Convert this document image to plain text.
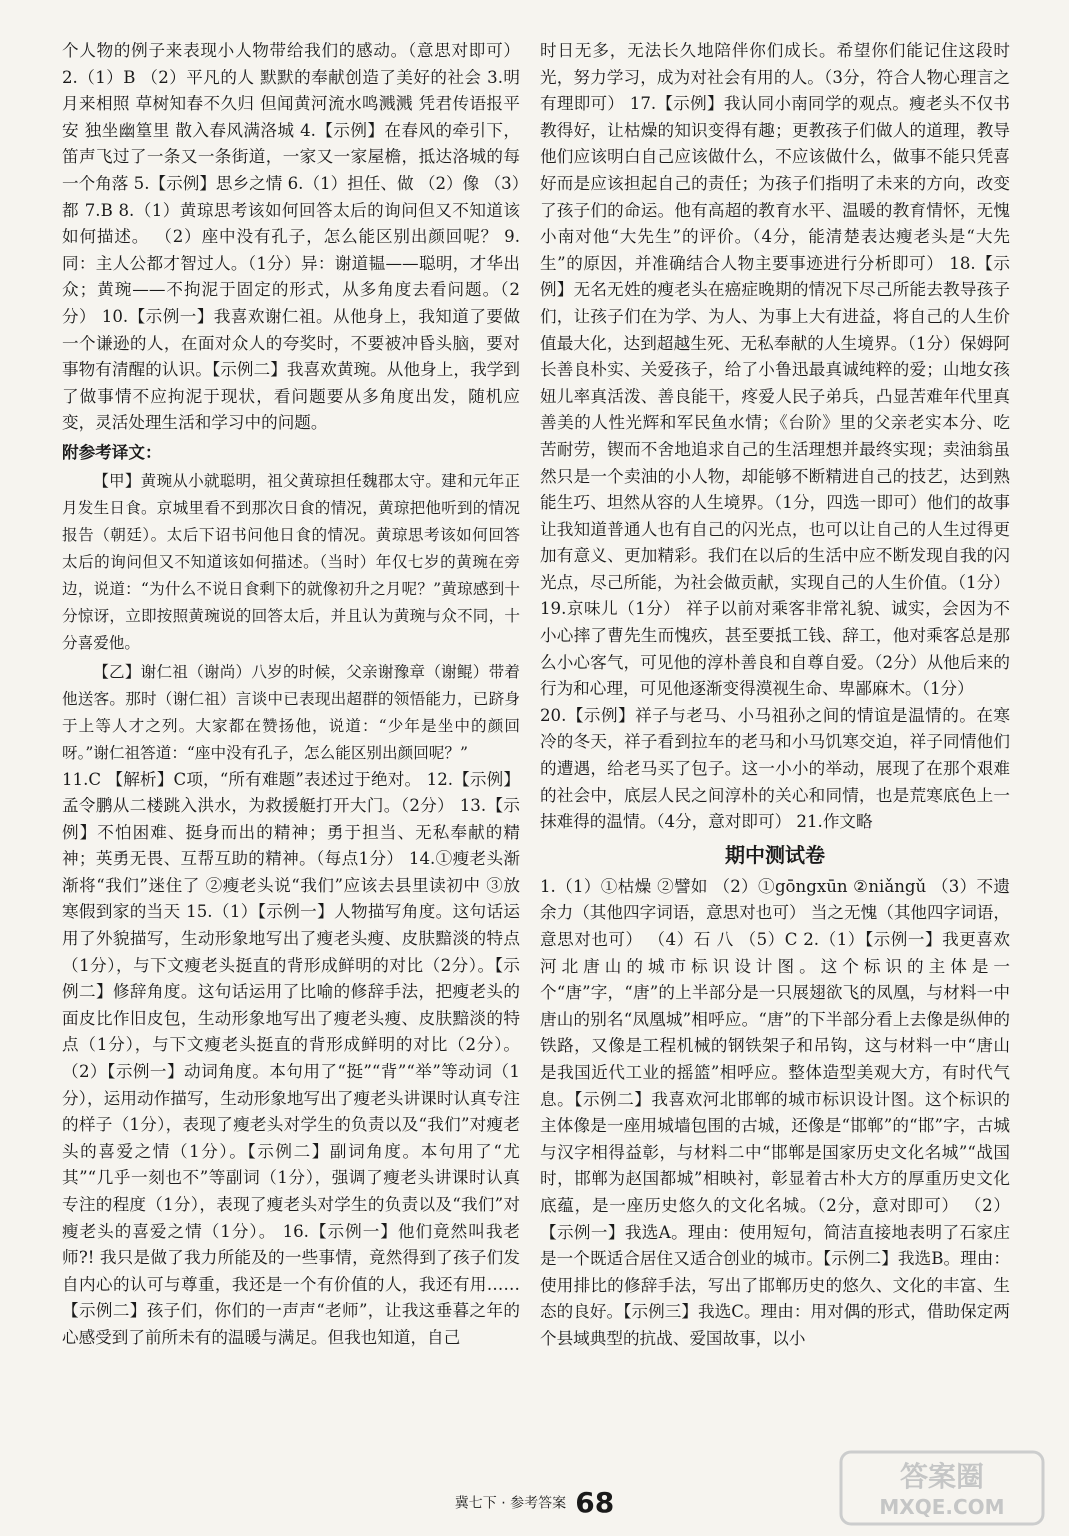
个人物的例子来表现小人物带给我们的感动。（意思对即可） 2.（1）B （2）平凡的人 默默的奉献创造了美好的社会 3.明月来相照 草树知春不久归 但闻黄河流水鸣溅溅 凭君传语报平安 独坐幽篁里 散入春风满洛城 4.【示例】在春风的牵引下，笛声飞过了一条又一条街道，一家又一家屋檐，抵达洛城的每一个角落 5.【示例】思乡之情 6.（1）担任、做 （2）像 （3）都 7.B 8.（1）黄琼思考该如何回答太后的询问但又不知道该如何描述。 （2）座中没有孔子，怎么能区别出颜回呢？ 9.同：主人公都才智过人。（1分）异：谢道韫——聪明，才华出众；黄琬——不拘泥于固定的形式，从多角度去看问题。（2分） 10.【示例一】我喜欢谢仁祖。从他身上，我知道了要做一个谦逊的人，在面对众人的夸奖时，不要被冲昏头脑，要对事物有清醒的认识。【示例二】我喜欢黄琬。从他身上，我学到了做事情不应拘泥于现状，看问题要从多角度出发，随机应变，灵活处理生活和学习中的问题。

附参考译文：

【甲】黄琬从小就聪明，祖父黄琼担任魏郡太守。建和元年正月发生日食。京城里看不到那次日食的情况，黄琼把他听到的情况报告（朝廷）。太后下诏书问他日食的情况。黄琼思考该如何回答太后的询问但又不知道该如何描述。（当时）年仅七岁的黄琬在旁边，说道：“为什么不说日食剩下的就像初升之月呢？”黄琼感到十分惊讶，立即按照黄琬说的回答太后，并且认为黄琬与众不同，十分喜爱他。

【乙】谢仁祖（谢尚）八岁的时候，父亲谢豫章（谢鲲）带着他送客。那时（谢仁祖）言谈中已表现出超群的领悟能力，已跻身于上等人才之列。大家都在赞扬他，说道：“少年是坐中的颜回呀。”谢仁祖答道：“座中没有孔子，怎么能区别出颜回呢？”

11.C 【解析】C项，“所有难题”表述过于绝对。 12.【示例】孟令鹏从二楼跳入洪水，为救援艇打开大门。（2分） 13.【示例】不怕困难、挺身而出的精神；勇于担当、无私奉献的精神；英勇无畏、互帮互助的精神。（每点1分） 14.①瘦老头渐渐将“我们”迷住了 ②瘦老头说“我们”应该去县里读初中 ③放寒假到家的当天 15.（1）【示例一】人物描写角度。这句话运用了外貌描写，生动形象地写出了瘦老头瘦、皮肤黯淡的特点（1分），与下文瘦老头挺直的背形成鲜明的对比（2分）。【示例二】修辞角度。这句话运用了比喻的修辞手法，把瘦老头的面皮比作旧皮包，生动形象地写出了瘦老头瘦、皮肤黯淡的特点（1分），与下文瘦老头挺直的背形成鲜明的对比（2分）。 （2）【示例一】动词角度。本句用了“挺”“背”“举”等动词（1分），运用动作描写，生动形象地写出了瘦老头讲课时认真专注的样子（1分），表现了瘦老头对学生的负责以及“我们”对瘦老头的喜爱之情（1分）。【示例二】副词角度。本句用了“尤其”“几乎一刻也不”等副词（1分），强调了瘦老头讲课时认真专注的程度（1分），表现了瘦老头对学生的负责以及“我们”对瘦老头的喜爱之情（1分）。 16.【示例一】他们竟然叫我老师?! 我只是做了我力所能及的一些事情，竟然得到了孩子们发自内心的认可与尊重，我还是一个有价值的人，我还有用……【示例二】孩子们，你们的一声声“老师”，让我这垂暮之年的心感受到了前所未有的温暖与满足。但我也知道，自己

时日无多，无法长久地陪伴你们成长。希望你们能记住这段时光，努力学习，成为对社会有用的人。（3分，符合人物心理言之有理即可） 17.【示例】我认同小南同学的观点。瘦老头不仅书教得好，让枯燥的知识变得有趣；更教孩子们做人的道理，教导他们应该明白自己应该做什么，不应该做什么，做事不能只凭喜好而是应该担起自己的责任；为孩子们指明了未来的方向，改变了孩子们的命运。他有高超的教育水平、温暖的教育情怀，无愧小南对他“大先生”的评价。（4分，能清楚表达瘦老头是“大先生”的原因，并准确结合人物主要事迹进行分析即可） 18.【示例】无名无姓的瘦老头在癌症晚期的情况下尽己所能去教导孩子们，让孩子们在为学、为人、为事上大有进益，将自己的人生价值最大化，达到超越生死、无私奉献的人生境界。（1分）保姆阿长善良朴实、关爱孩子，给了小鲁迅最真诚纯粹的爱；山地女孩妞儿率真活泼、善良能干，疼爱人民子弟兵，凸显苦难年代里真善美的人性光辉和军民鱼水情；《台阶》里的父亲老实本分、吃苦耐劳，锲而不舍地追求自己的生活理想并最终实现；卖油翁虽然只是一个卖油的小人物，却能够不断精进自己的技艺，达到熟能生巧、坦然从容的人生境界。（1分，四选一即可）他们的故事让我知道普通人也有自己的闪光点，也可以让自己的人生过得更加有意义、更加精彩。我们在以后的生活中应不断发现自我的闪光点，尽己所能，为社会做贡献，实现自己的人生价值。（1分） 19.京味儿（1分） 祥子以前对乘客非常礼貌、诚实，会因为不小心摔了曹先生而愧疚，甚至要抵工钱、辞工，他对乘客总是那么小心客气，可见他的淳朴善良和自尊自爱。（2分）从他后来的行为和心理，可见他逐渐变得漠视生命、卑鄙麻木。（1分）

20.【示例】祥子与老马、小马祖孙之间的情谊是温情的。在寒冷的冬天，祥子看到拉车的老马和小马饥寒交迫，祥子同情他们的遭遇，给老马买了包子。这一小小的举动，展现了在那个艰难的社会中，底层人民之间淳朴的关心和同情，也是荒寒底色上一抹难得的温情。（4分，意对即可） 21.作文略

期中测试卷

1.（1）①枯燥 ②譬如 （2）①gōngxūn ②niǎngǔ （3）不遗余力（其他四字词语，意思对也可） 当之无愧（其他四字词语，意思对也可） （4）石 八 （5）C 2.（1）【示例一】我更喜欢河北唐山的城市标识设计图。这个标识的主体是一个“唐”字，“唐”的上半部分是一只展翅欲飞的凤凰，与材料一中唐山的别名“凤凰城”相呼应。“唐”的下半部分看上去像是纵伸的铁路，又像是工程机械的钢铁架子和吊钩，这与材料一中“唐山是我国近代工业的摇篮”相呼应。整体造型美观大方，有时代气息。【示例二】我喜欢河北邯郸的城市标识设计图。这个标识的主体像是一座用城墙包围的古城，还像是“邯郸”的“邯”字，古城与汉字相得益彰，与材料二中“邯郸是国家历史文化名城”“战国时，邯郸为赵国都城”相映衬，彰显着古朴大方的厚重历史文化底蕴，是一座历史悠久的文化名城。（2分，意对即可） （2）【示例一】我选A。理由：使用短句，简洁直接地表明了石家庄是一个既适合居住又适合创业的城市。【示例二】我选B。理由：使用排比的修辞手法，写出了邯郸历史的悠久、文化的丰富、生态的良好。【示例三】我选C。理由：用对偶的形式，借助保定两个县域典型的抗战、爱国故事，以小

冀七下 · 参考答案 68
答案圈
MXQE.COM
